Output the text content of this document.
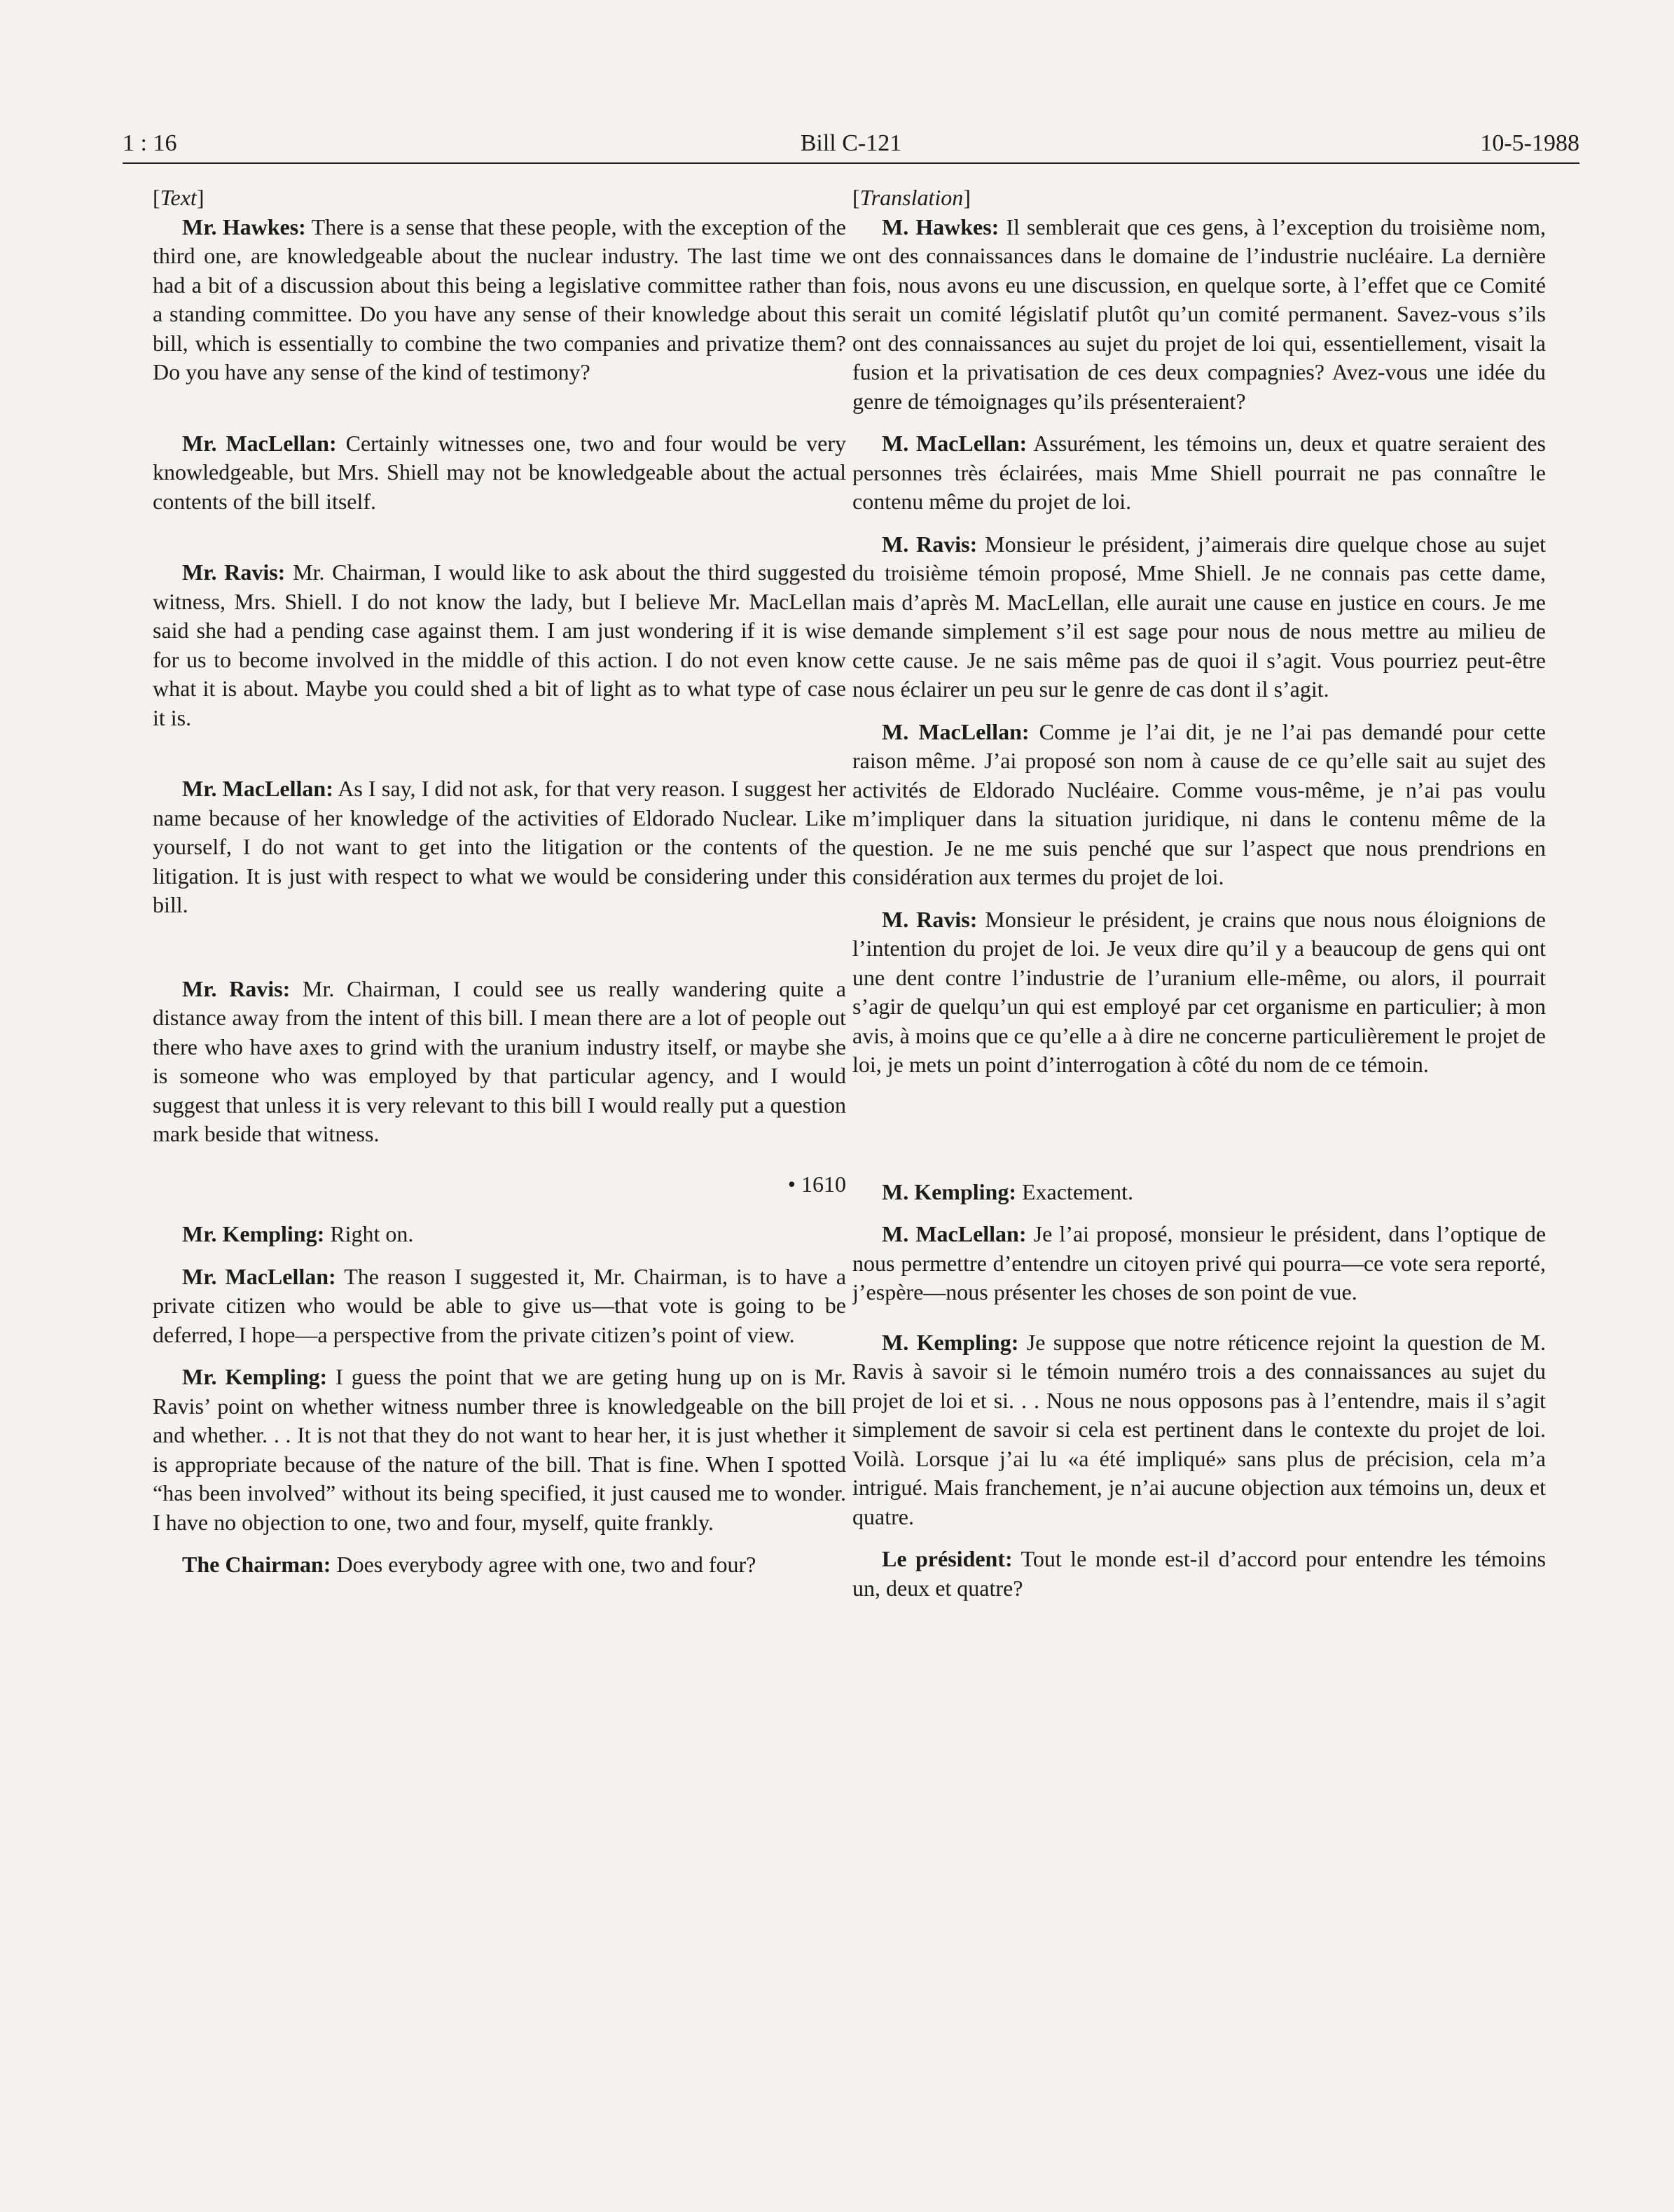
1 : 16	Bill C-121	10-5-1988
[ Text ]

Mr. Hawkes: There is a sense that these people, with the exception of the third one, are knowledgeable about the nuclear industry. The last time we had a bit of a discussion about this being a legislative committee rather than a standing committee. Do you have any sense of their knowledge about this bill, which is essentially to combine the two companies and privatize them? Do you have any sense of the kind of testimony?

Mr. MacLellan: Certainly witnesses one, two and four would be very knowledgeable, but Mrs. Shiell may not be knowledgeable about the actual contents of the bill itself.

Mr. Ravis: Mr. Chairman, I would like to ask about the third suggested witness, Mrs. Shiell. I do not know the lady, but I believe Mr. MacLellan said she had a pending case against them. I am just wondering if it is wise for us to become involved in the middle of this action. I do not even know what it is about. Maybe you could shed a bit of light as to what type of case it is.

Mr. MacLellan: As I say, I did not ask, for that very reason. I suggest her name because of her knowledge of the activities of Eldorado Nuclear. Like yourself, I do not want to get into the litigation or the contents of the litigation. It is just with respect to what we would be considering under this bill.

Mr. Ravis: Mr. Chairman, I could see us really wandering quite a distance away from the intent of this bill. I mean there are a lot of people out there who have axes to grind with the uranium industry itself, or maybe she is someone who was employed by that particular agency, and I would suggest that unless it is very relevant to this bill I would really put a question mark beside that witness.

• 1610

Mr. Kempling: Right on.

Mr. MacLellan: The reason I suggested it, Mr. Chairman, is to have a private citizen who would be able to give us—that vote is going to be deferred, I hope—a perspective from the private citizen’s point of view.

Mr. Kempling: I guess the point that we are geting hung up on is Mr. Ravis’ point on whether witness number three is knowledgeable on the bill and whether. . . It is not that they do not want to hear her, it is just whether it is appropriate because of the nature of the bill. That is fine. When I spotted “has been involved” without its being specified, it just caused me to wonder. I have no objection to one, two and four, myself, quite frankly.

The Chairman: Does everybody agree with one, two and four?

[ Translation ]

M. Hawkes: Il semblerait que ces gens, à l’exception du troisième nom, ont des connaissances dans le domaine de l’industrie nucléaire. La dernière fois, nous avons eu une discussion, en quelque sorte, à l’effet que ce Comité serait un comité législatif plutôt qu’un comité permanent. Savez-vous s’ils ont des connaissances au sujet du projet de loi qui, essentiellement, visait la fusion et la privatisation de ces deux compagnies? Avez-vous une idée du genre de témoignages qu’ils présenteraient?

M. MacLellan: Assurément, les témoins un, deux et quatre seraient des personnes très éclairées, mais Mme Shiell pourrait ne pas connaître le contenu même du projet de loi.

M. Ravis: Monsieur le président, j’aimerais dire quelque chose au sujet du troisième témoin proposé, Mme Shiell. Je ne connais pas cette dame, mais d’après M. MacLellan, elle aurait une cause en justice en cours. Je me demande simplement s’il est sage pour nous de nous mettre au milieu de cette cause. Je ne sais même pas de quoi il s’agit. Vous pourriez peut-être nous éclairer un peu sur le genre de cas dont il s’agit.

M. MacLellan: Comme je l’ai dit, je ne l’ai pas demandé pour cette raison même. J’ai proposé son nom à cause de ce qu’elle sait au sujet des activités de Eldorado Nucléaire. Comme vous-même, je n’ai pas voulu m’impliquer dans la situation juridique, ni dans le contenu même de la question. Je ne me suis penché que sur l’aspect que nous prendrions en considération aux termes du projet de loi.

M. Ravis: Monsieur le président, je crains que nous nous éloignions de l’intention du projet de loi. Je veux dire qu’il y a beaucoup de gens qui ont une dent contre l’industrie de l’uranium elle-même, ou alors, il pourrait s’agir de quelqu’un qui est employé par cet organisme en particulier; à mon avis, à moins que ce qu’elle a à dire ne concerne particulièrement le projet de loi, je mets un point d’interrogation à côté du nom de ce témoin.

M. Kempling: Exactement.

M. MacLellan: Je l’ai proposé, monsieur le président, dans l’optique de nous permettre d’entendre un citoyen privé qui pourra—ce vote sera reporté, j’espère—nous présenter les choses de son point de vue.

M. Kempling: Je suppose que notre réticence rejoint la question de M. Ravis à savoir si le témoin numéro trois a des connaissances au sujet du projet de loi et si. . . Nous ne nous opposons pas à l’entendre, mais il s’agit simplement de savoir si cela est pertinent dans le contexte du projet de loi. Voilà. Lorsque j’ai lu «a été impliqué» sans plus de précision, cela m’a intrigué. Mais franchement, je n’ai aucune objection aux témoins un, deux et quatre.

Le président: Tout le monde est-il d’accord pour entendre les témoins un, deux et quatre?
